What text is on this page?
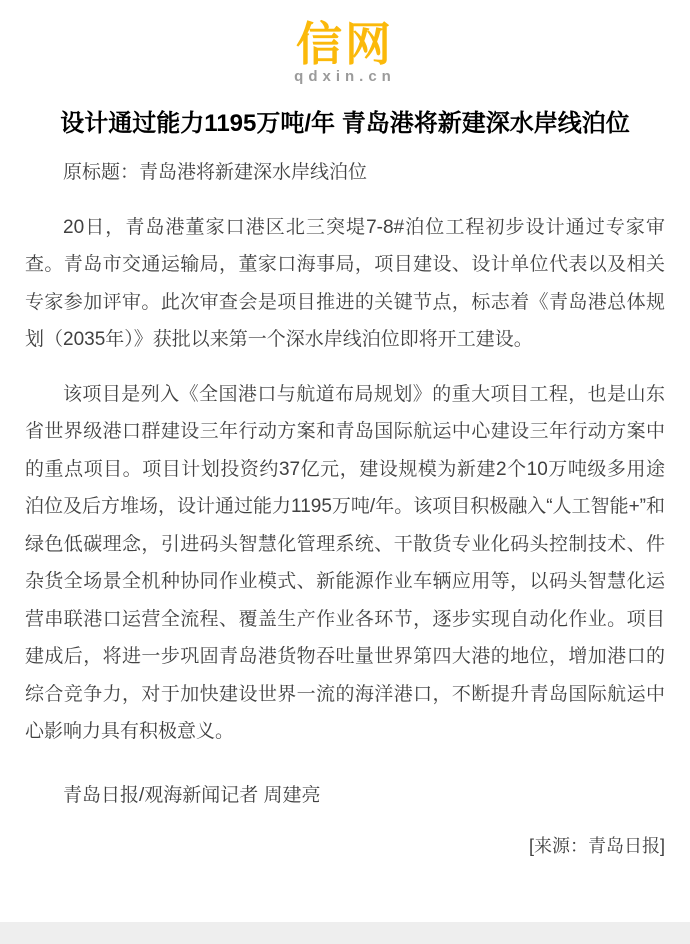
信网
qdxin.cn
设计通过能力1195万吨/年 青岛港将新建深水岸线泊位

原标题：青岛港将新建深水岸线泊位

20日，青岛港董家口港区北三突堤7-8#泊位工程初步设计通过专家审查。青岛市交通运输局，董家口海事局，项目建设、设计单位代表以及相关专家参加评审。此次审查会是项目推进的关键节点，标志着《青岛港总体规划（2035年）》获批以来第一个深水岸线泊位即将开工建设。

该项目是列入《全国港口与航道布局规划》的重大项目工程，也是山东省世界级港口群建设三年行动方案和青岛国际航运中心建设三年行动方案中的重点项目。项目计划投资约37亿元，建设规模为新建2个10万吨级多用途泊位及后方堆场，设计通过能力1195万吨/年。该项目积极融入“人工智能+”和绿色低碳理念，引进码头智慧化管理系统、干散货专业化码头控制技术、件杂货全场景全机种协同作业模式、新能源作业车辆应用等，以码头智慧化运营串联港口运营全流程、覆盖生产作业各环节，逐步实现自动化作业。项目建成后，将进一步巩固青岛港货物吞吐量世界第四大港的地位，增加港口的综合竞争力，对于加快建设世界一流的海洋港口，不断提升青岛国际航运中心影响力具有积极意义。

青岛日报/观海新闻记者 周建亮

[来源：青岛日报]
